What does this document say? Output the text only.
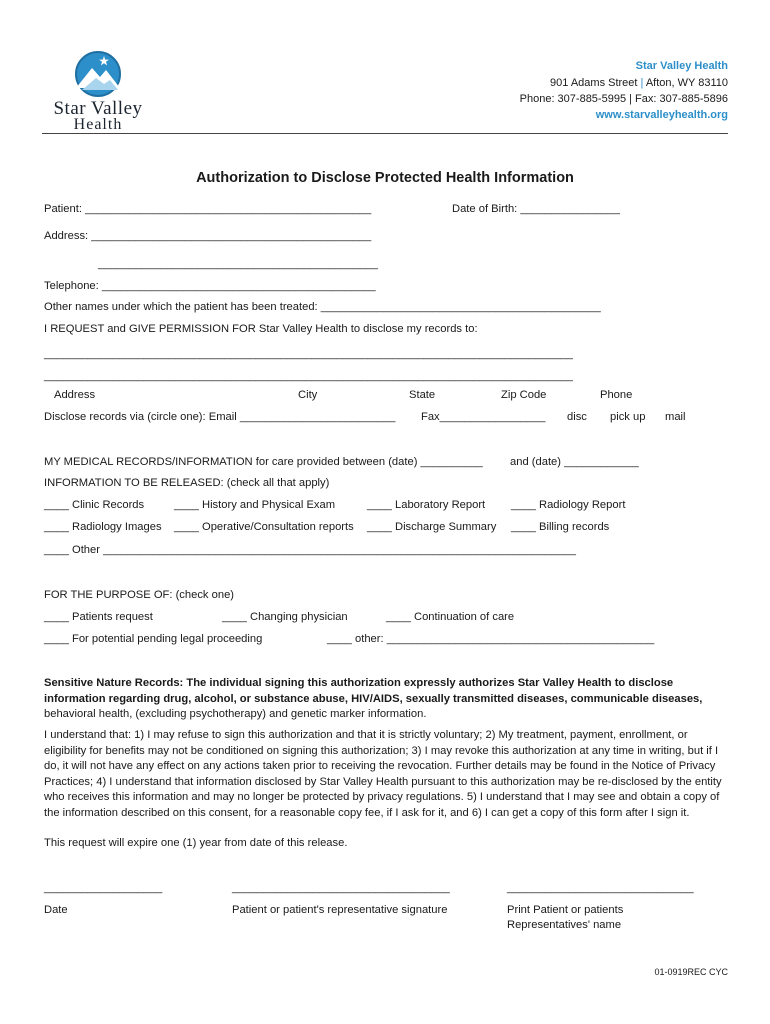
Star Valley
Health
Star Valley Health
901 Adams Street | Afton, WY 83110
Phone: 307-885-5995 | Fax: 307-885-5896
www.starvalleyhealth.org
Authorization to Disclose Protected Health Information
Patient: ______________________________________________	Date of Birth: ________________
Address: _____________________________________________
_____________________________________________
Telephone: ____________________________________________
Other names under which the patient has been treated: _____________________________________________
I REQUEST and GIVE PERMISSION FOR Star Valley Health to disclose my records to:
_____________________________________________________________________________________
_____________________________________________________________________________________
Address	City	State	Zip Code	Phone
Disclose records via (circle one): Email _________________________ Fax_________________ disc pick up mail
MY MEDICAL RECORDS/INFORMATION for care provided between (date) __________ and (date) ____________
INFORMATION TO BE RELEASED: (check all that apply)
____ Clinic Records	____ History and Physical Exam	____ Laboratory Report ____ Radiology Report
____ Radiology Images ____ Operative/Consultation reports ____ Discharge Summary ____ Billing records
____ Other ____________________________________________________________________________
FOR THE PURPOSE OF: (check one)
____ Patients request	____ Changing physician	____ Continuation of care
____ For potential pending legal proceeding	____ other: ___________________________________________
Sensitive Nature Records: The individual signing this authorization expressly authorizes Star Valley Health to disclose information regarding drug, alcohol, or substance abuse, HIV/AIDS, sexually transmitted diseases, communicable diseases, behavioral health, (excluding psychotherapy) and genetic marker information.
I understand that: 1) I may refuse to sign this authorization and that it is strictly voluntary; 2) My treatment, payment, enrollment, or eligibility for benefits may not be conditioned on signing this authorization; 3) I may revoke this authorization at any time in writing, but if I do, it will not have any effect on any actions taken prior to receiving the revocation. Further details may be found in the Notice of Privacy Practices; 4) I understand that information disclosed by Star Valley Health pursuant to this authorization may be re-disclosed by the entity who receives this information and may no longer be protected by privacy regulations. 5) I understand that I may see and obtain a copy of the information described on this consent, for a reasonable copy fee, if I ask for it, and 6) I can get a copy of this form after I sign it.
This request will expire one (1) year from date of this release.
___________________	___________________________________	______________________________
Date	Patient or patient's representative signature	Print Patient or patients
Representatives' name
01-0919REC CYC
